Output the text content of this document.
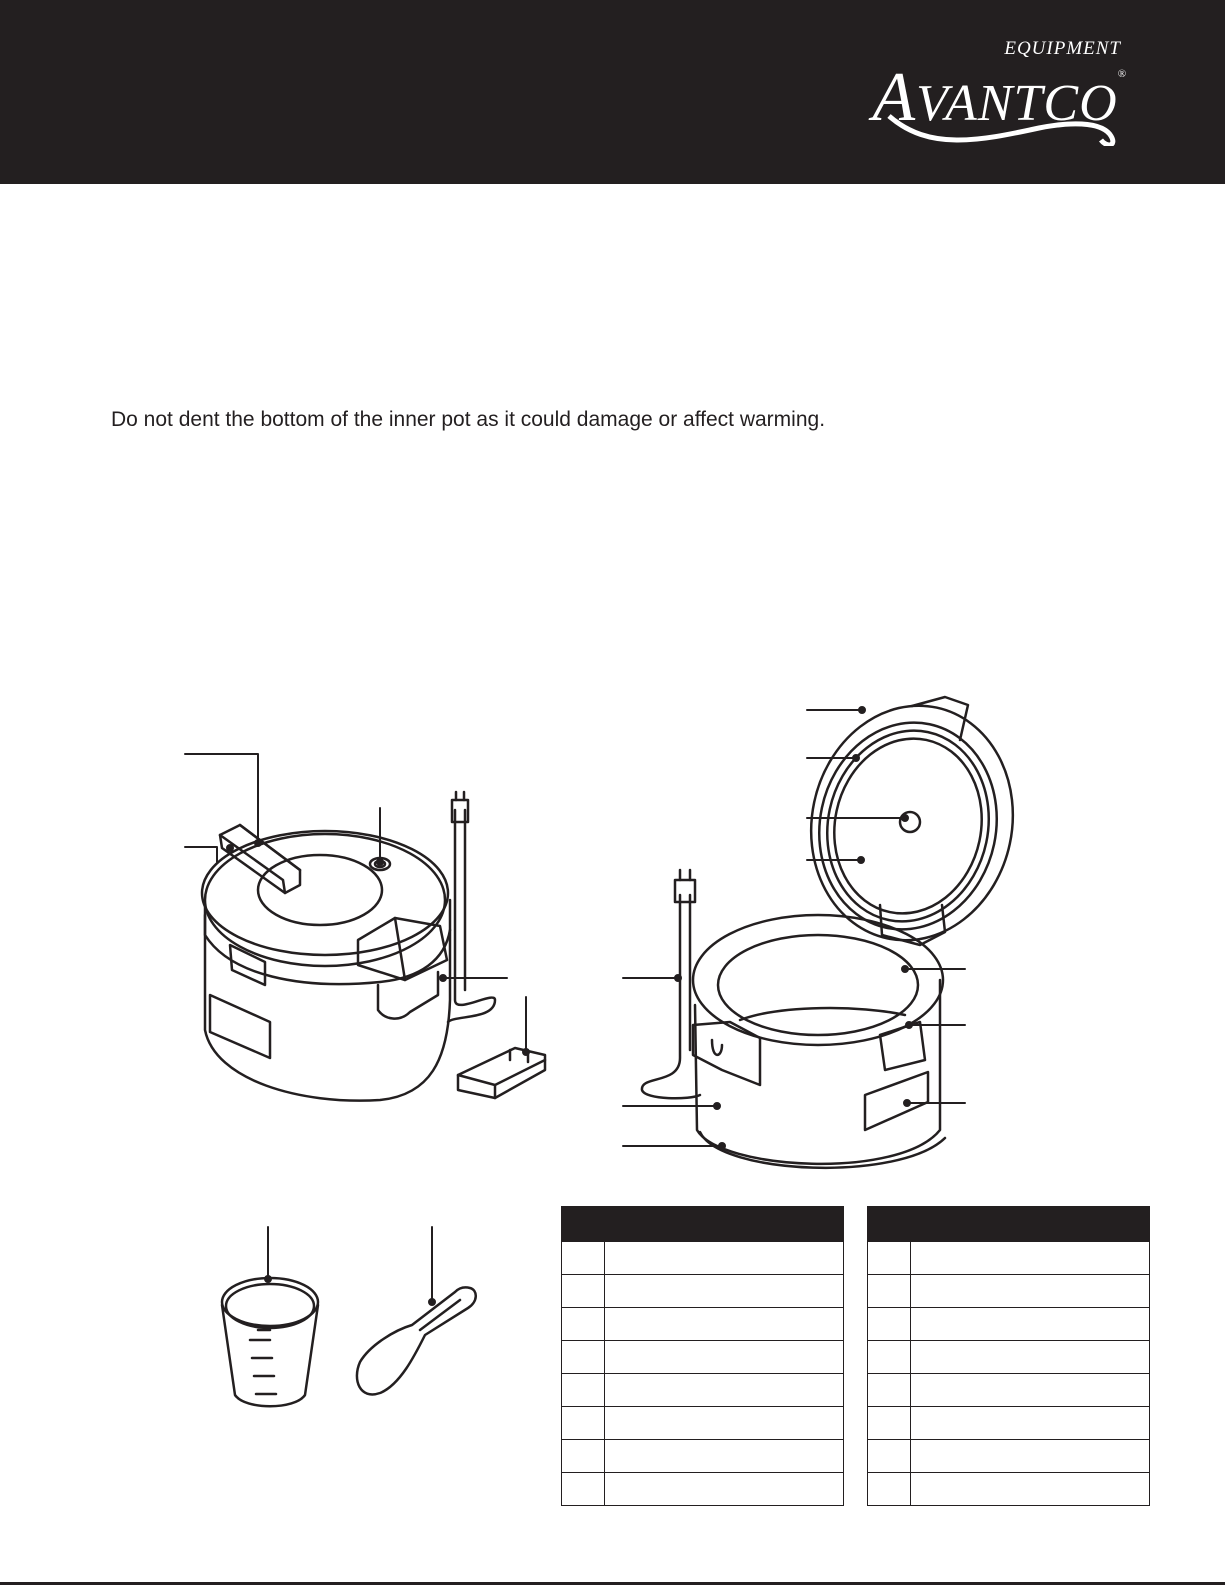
EQUIPMENT
AVANTCO®
Do not dent the bottom of the inner pot as it could damage or affect warming.
